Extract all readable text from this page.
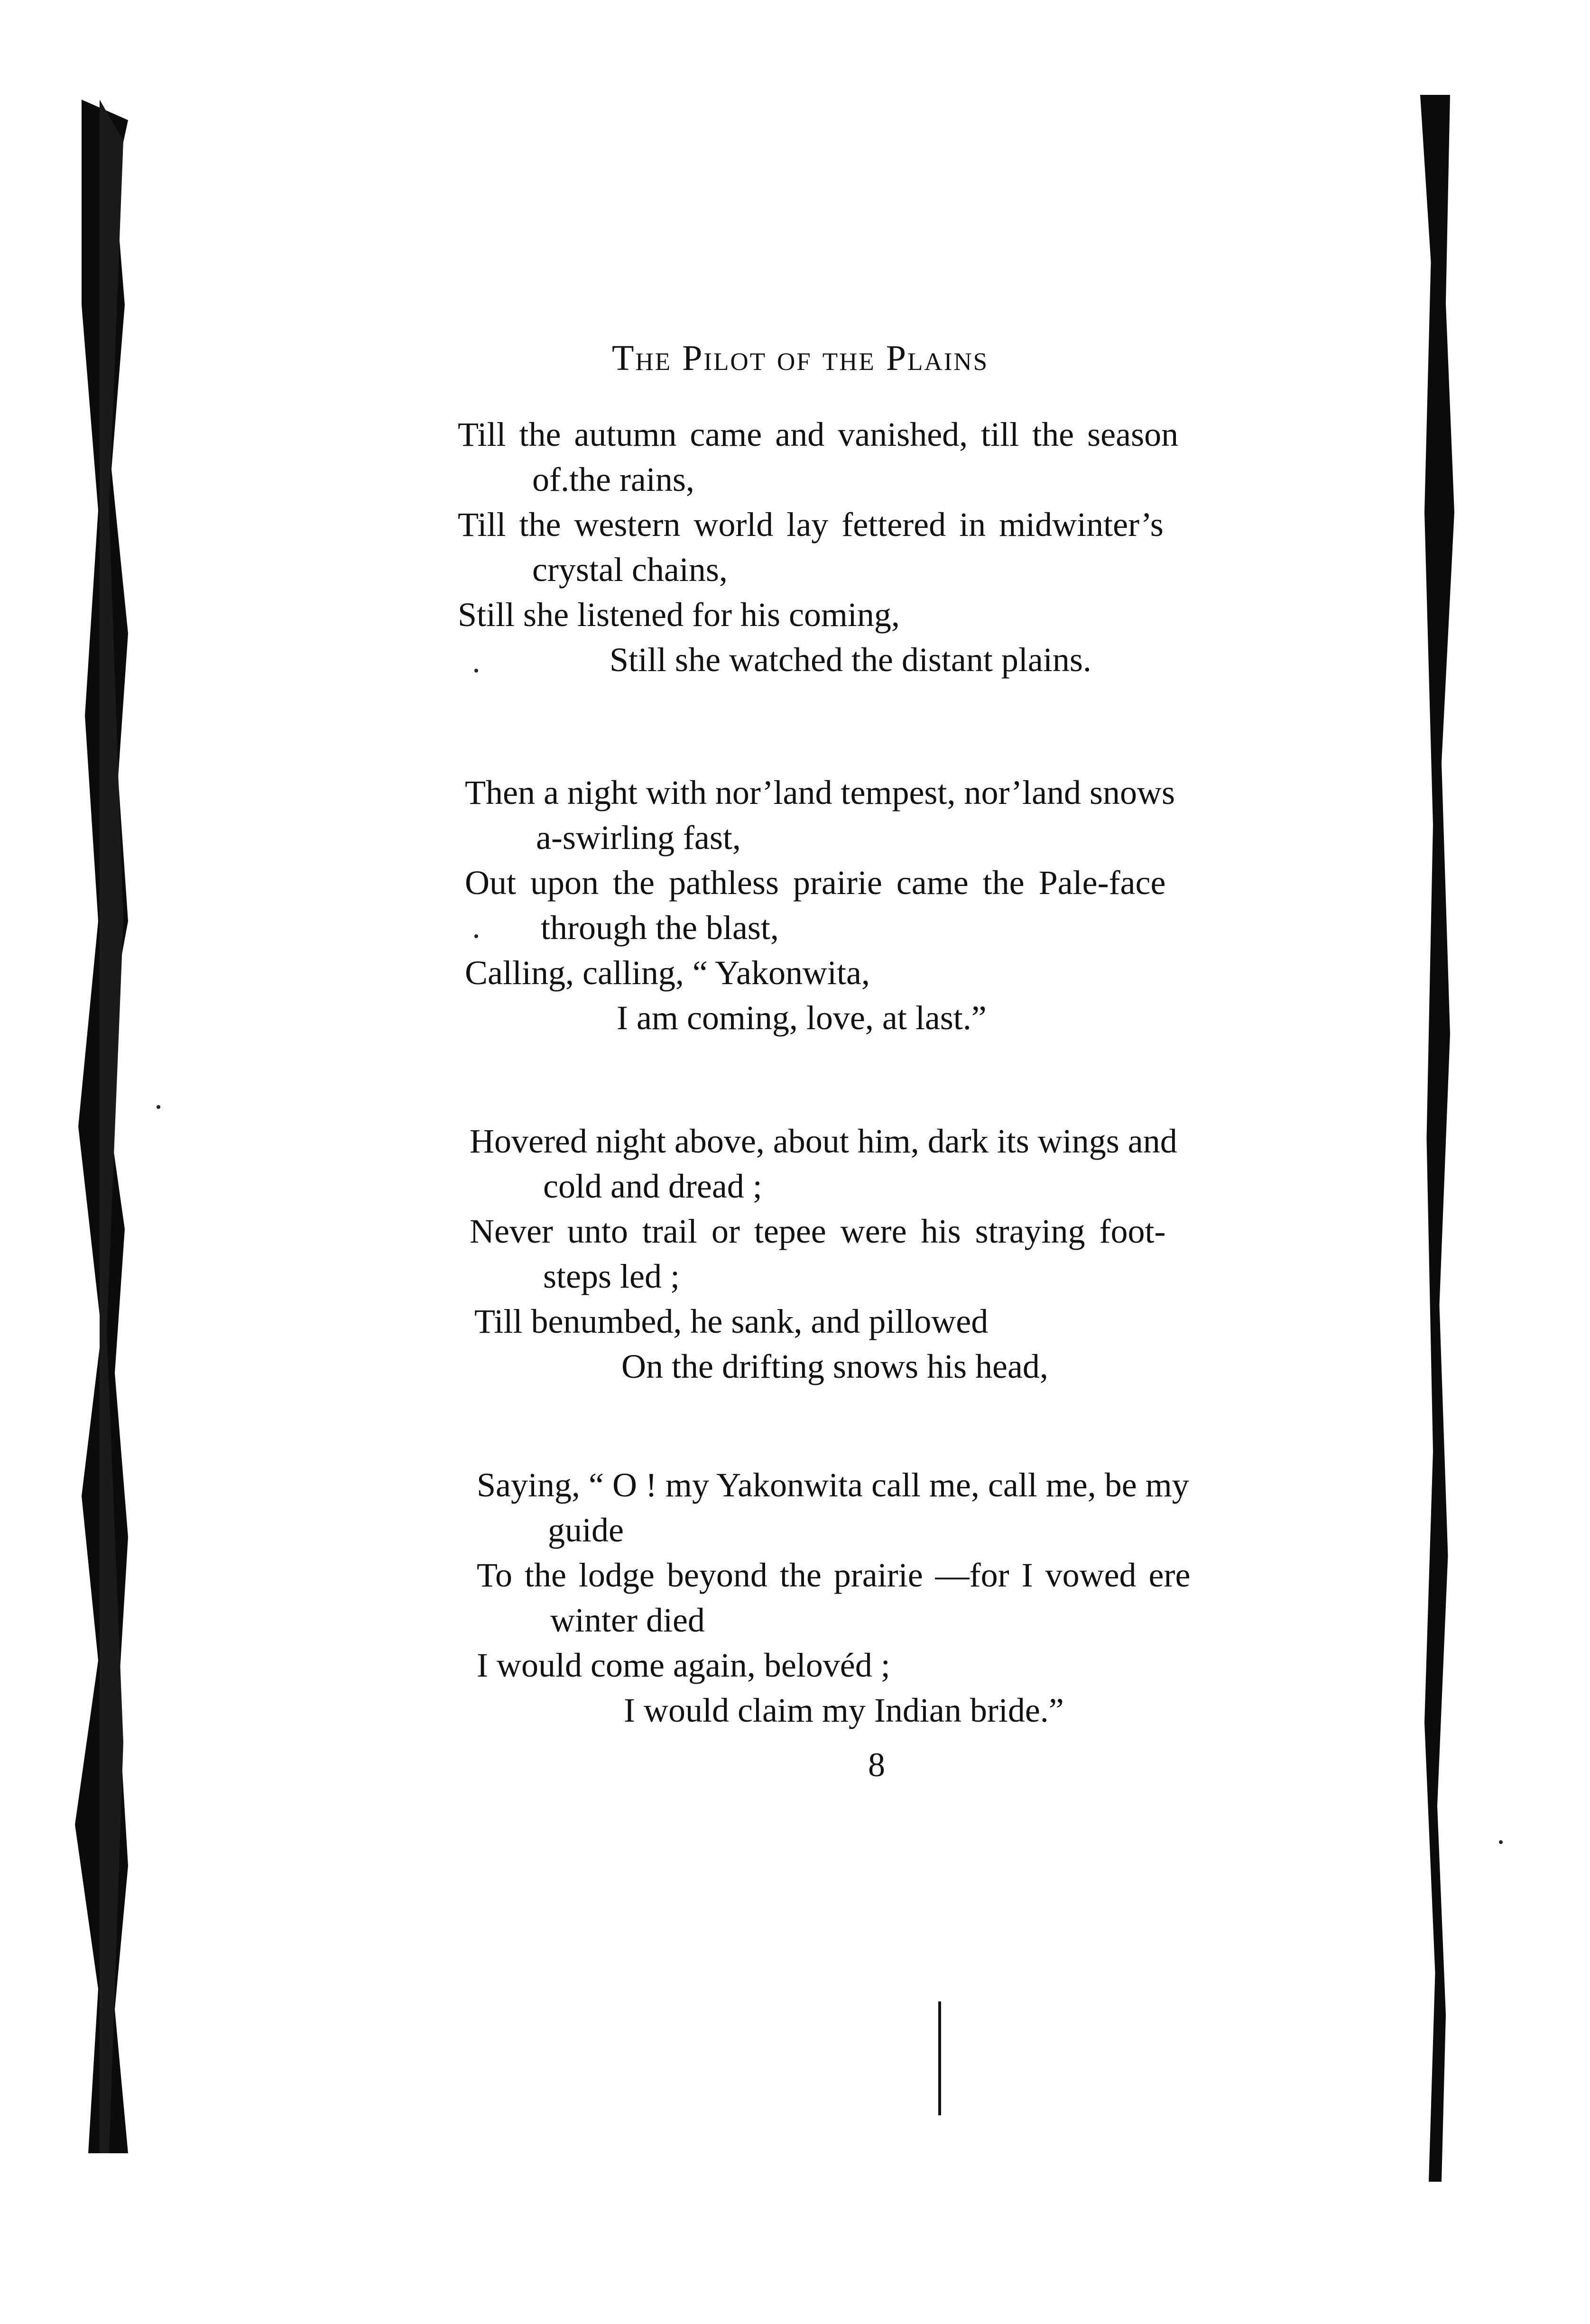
The Pilot of the Plains
Till the autumn came and vanished, till the season
of.the rains,
Till the western world lay fettered in midwinter’s
crystal chains,
Still she listened for his coming,
Still she watched the distant plains.
Then a night with nor’land tempest, nor’land snows
a-swirling fast,
Out upon the pathless prairie came the Pale-face
through the blast,
Calling, calling, “ Yakonwita,
I am coming, love, at last.”
Hovered night above, about him, dark its wings and
cold and dread ;
Never unto trail or tepee were his straying foot-
steps led ;
Till benumbed, he sank, and pillowed
On the drifting snows his head,
Saying, “ O ! my Yakonwita call me, call me, be my
guide
To the lodge beyond the prairie —for I vowed ere
winter died
I would come again, belovéd ;
I would claim my Indian bride.”
8
